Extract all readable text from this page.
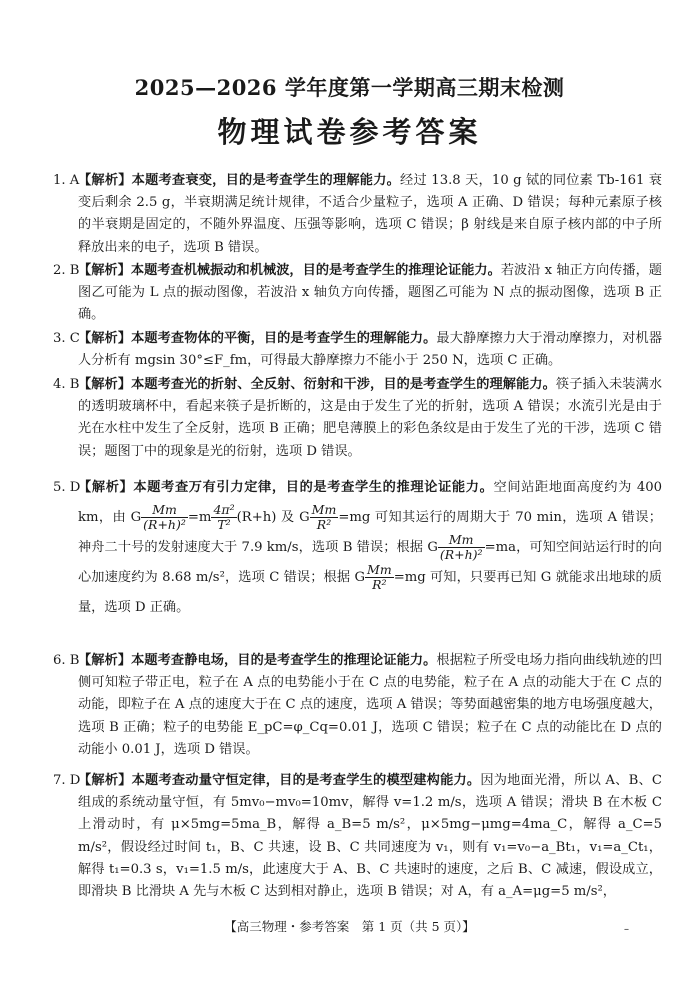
2025—2026 学年度第一学期高三期末检测
物理试卷参考答案
1. A
【解析】本题考查衰变，目的是考查学生的理解能力。经过 13.8 天，10 g 铽的同位素 Tb-161 衰变后剩余 2.5 g，半衰期满足统计规律，不适合少量粒子，选项 A 正确、D 错误；每种元素原子核的半衰期是固定的，不随外界温度、压强等影响，选项 C 错误；β 射线是来自原子核内部的中子所释放出来的电子，选项 B 错误。
2. B
【解析】本题考查机械振动和机械波，目的是考查学生的推理论证能力。若波沿 x 轴正方向传播，题图乙可能为 L 点的振动图像，若波沿 x 轴负方向传播，题图乙可能为 N 点的振动图像，选项 B 正确。
3. C
【解析】本题考查物体的平衡，目的是考查学生的理解能力。最大静摩擦力大于滑动摩擦力，对机器人分析有 mgsin 30°≤F_fm，可得最大静摩擦力不能小于 250 N，选项 C 正确。
4. B
【解析】本题考查光的折射、全反射、衍射和干涉，目的是考查学生的理解能力。筷子插入未装满水的透明玻璃杯中，看起来筷子是折断的，这是由于发生了光的折射，选项 A 错误；水流引光是由于光在水柱中发生了全反射，选项 B 正确；肥皂薄膜上的彩色条纹是由于发生了光的干涉，选项 C 错误；题图丁中的现象是光的衍射，选项 D 错误。
5. D
【解析】本题考查万有引力定律，目的是考查学生的推理论证能力。空间站距地面高度约为 400 km，由 G $\frac{Mm}{\text{(R+h)²}} =m \frac{\text{4π²}}{\text{T²}} (R+h)$ 及 G $\frac{Mm}{\text{R²}} =mg$ 可知其运行的周期大于 70 min，选项 A 错误；神舟二十号的发射速度大于 7.9 km/s，选项 B 错误；根据 G $\frac{Mm}{\text{(R+h)²}} =ma$，可知空间站运行时的向心加速度约为 8.68 m/s²，选项 C 错误；根据 G $\frac{Mm}{\text{R²}} =mg$ 可知，只要再已知 G 就能求出地球的质量，选项 D 正确。
6. B
【解析】本题考查静电场，目的是考查学生的推理论证能力。根据粒子所受电场力指向曲线轨迹的凹侧可知粒子带正电，粒子在 A 点的电势能小于在 C 点的电势能，粒子在 A 点的动能大于在 C 点的动能，即粒子在 A 点的速度大于在 C 点的速度，选项 A 错误；等势面越密集的地方电场强度越大，选项 B 正确；粒子的电势能 E_pC=φ_Cq=0.01 J，选项 C 错误；粒子在 C 点的动能比在 D 点的动能小 0.01 J，选项 D 错误。
7. D
【解析】本题考查动量守恒定律，目的是考查学生的模型建构能力。因为地面光滑，所以 A、B、C 组成的系统动量守恒，有 5mv₀−mv₀=10mv，解得 v=1.2 m/s，选项 A 错误；滑块 B 在木板 C 上滑动时，有 μ×5mg=5ma_B，解得 a_B=5 m/s²，μ×5mg−μmg=4ma_C，解得 a_C=5 m/s²，假设经过时间 t₁，B、C 共速，设 B、C 共同速度为 v₁，则有 v₁=v₀−a_Bt₁，v₁=a_Ct₁，解得 t₁=0.3 s，v₁=1.5 m/s，此速度大于 A、B、C 共速时的速度，之后 B、C 减速，假设成立，即滑块 B 比滑块 A 先与木板 C 达到相对静止，选项 B 错误；对 A，有 a_A=μg=5 m/s²，
【高三物理・参考答案　第 1 页（共 5 页）】	–
